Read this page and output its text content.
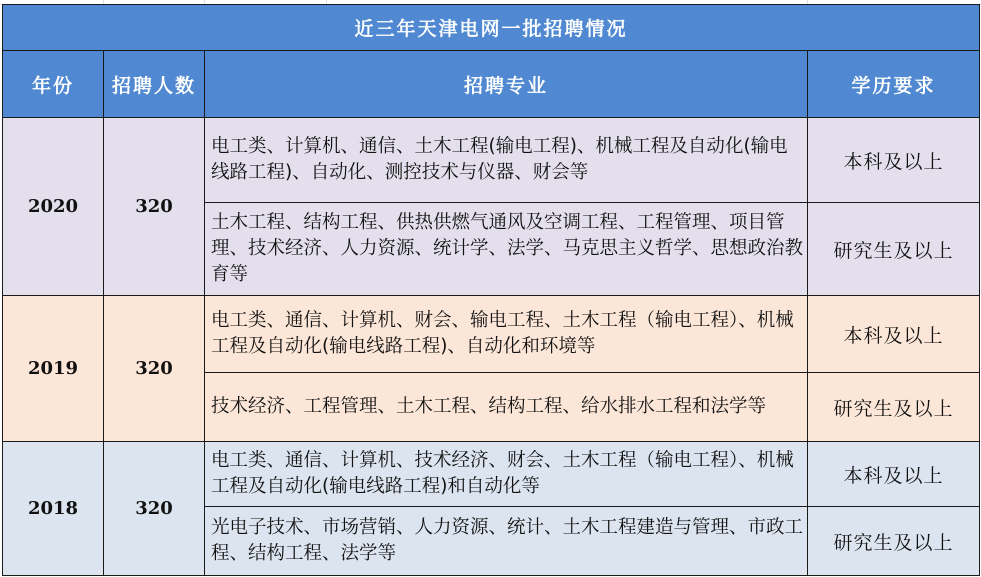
近三年天津电网一批招聘情况			
年份	招聘人数	招聘专业	学历要求
2020	320	电工类、计算机、通信、土木工程(输电工程)、机械工程及自动化(输电线路工程)、自动化、测控技术与仪器、财会等	本科及以上
		土木工程、结构工程、供热供燃气通风及空调工程、工程管理、项目管理、技术经济、人力资源、统计学、法学、马克思主义哲学、思想政治教育等	研究生及以上
2019	320	电工类、通信、计算机、财会、输电工程、土木工程（输电工程）、机械工程及自动化(输电线路工程)、自动化和环境等	本科及以上
		技术经济、工程管理、土木工程、结构工程、给水排水工程和法学等	研究生及以上
2018	320	电工类、通信、计算机、技术经济、财会、土木工程（输电工程）、机械工程及自动化(输电线路工程)和自动化等	本科及以上
		光电子技术、市场营销、人力资源、统计、土木工程建造与管理、市政工程、结构工程、法学等	研究生及以上
